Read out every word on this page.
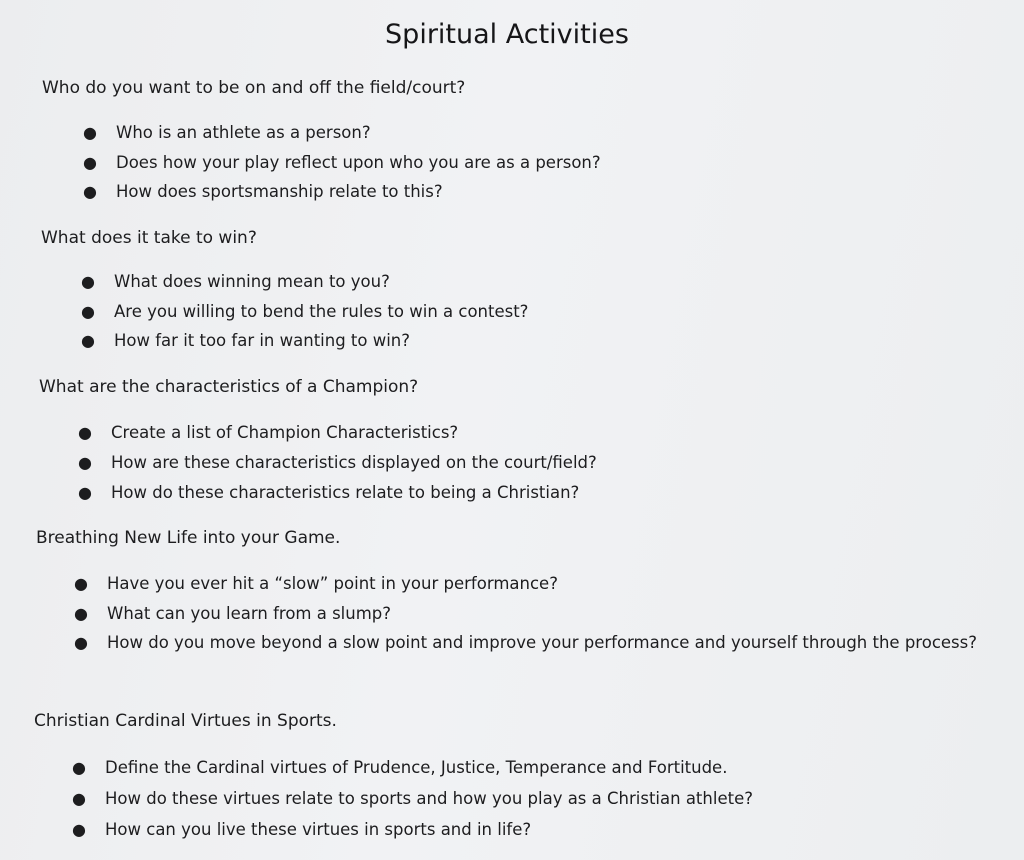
Spiritual Activities
Who do you want to be on and off the field/court?
● Who is an athlete as a person?
● Does how your play reflect upon who you are as a person?
● How does sportsmanship relate to this?
What does it take to win?
● What does winning mean to you?
● Are you willing to bend the rules to win a contest?
● How far it too far in wanting to win?
What are the characteristics of a Champion?
● Create a list of Champion Characteristics?
● How are these characteristics displayed on the court/field?
● How do these characteristics relate to being a Christian?
Breathing New Life into your Game.
● Have you ever hit a “slow” point in your performance?
● What can you learn from a slump?
● How do you move beyond a slow point and improve your performance and yourself through the process?
Christian Cardinal Virtues in Sports.
● Define the Cardinal virtues of Prudence, Justice, Temperance and Fortitude.
● How do these virtues relate to sports and how you play as a Christian athlete?
● How can you live these virtues in sports and in life?
